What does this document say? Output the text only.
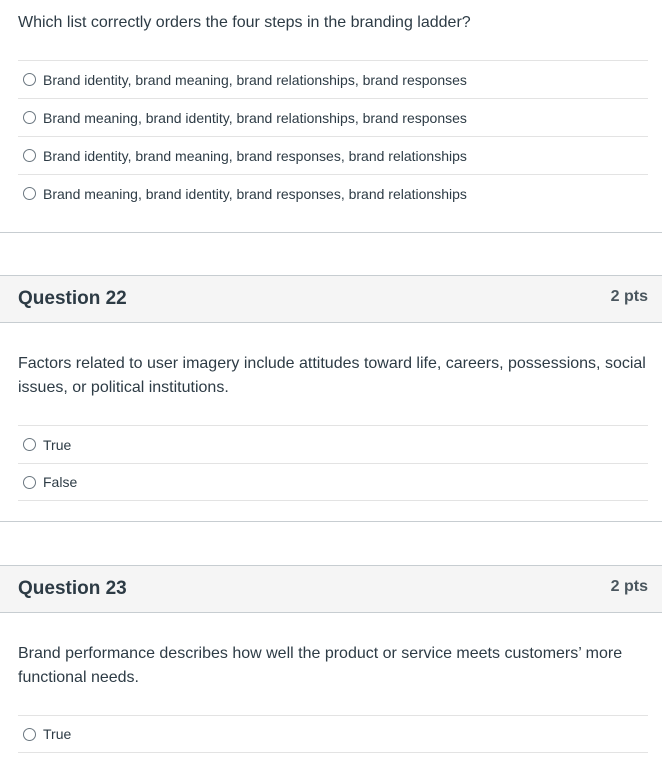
Which list correctly orders the four steps in the branding ladder?
Brand identity, brand meaning, brand relationships, brand responses
Brand meaning, brand identity, brand relationships, brand responses
Brand identity, brand meaning, brand responses, brand relationships
Brand meaning, brand identity, brand responses, brand relationships
Question 22	2 pts
Factors related to user imagery include attitudes toward life, careers, possessions, social issues, or political institutions.
True
False
Question 23	2 pts
Brand performance describes how well the product or service meets customers’ more functional needs.
True
